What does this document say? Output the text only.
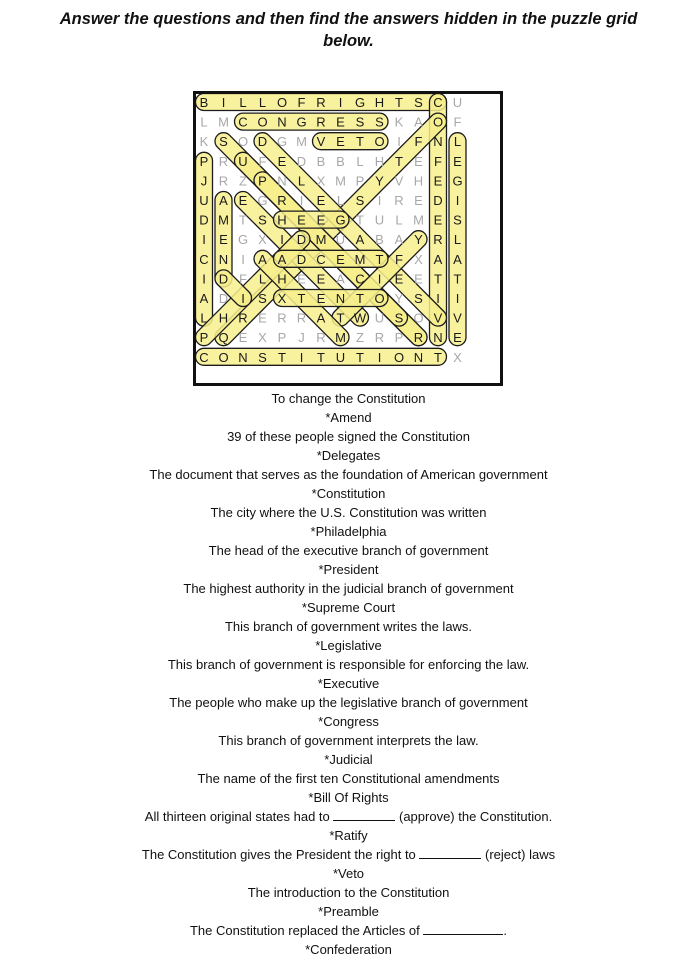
Answer the questions and then find the answers hidden in the puzzle grid
below.
B I L L O F R I G H T S C U
L M C O N G R E S S K A O F
K S O D G M V E T O I F N L
P R U F E D B B L H T E F E
J R Z P N L X M P Y V H E G
U A E G R I E L S I R E D I
D M T S H E E G T U L M E S
I E G X I D M U A B A Y R L
C N I A A D C E M T F X A A
I D F L H E E A C I E E T T
A D I S X T E N T O Y S I I
L H R E R R A T W U S O V V
P Q E X P J R M Z R P R N E
C O N S T I T U T I O N T X
To change the Constitution
*Amend
39 of these people signed the Constitution
*Delegates
The document that serves as the foundation of American government
*Constitution
The city where the U.S. Constitution was written
*Philadelphia
The head of the executive branch of government
*President
The highest authority in the judicial branch of government
*Supreme Court
This branch of government writes the laws.
*Legislative
This branch of government is responsible for enforcing the law.
*Executive
The people who make up the legislative branch of government
*Congress
This branch of government interprets the law.
*Judicial
The name of the first ten Constitutional amendments
*Bill Of Rights
All thirteen original states had to	(approve) the Constitution.
*Ratify
The Constitution gives the President the right to	(reject) laws
*Veto
The introduction to the Constitution
*Preamble
The Constitution replaced the Articles of	.
*Confederation
